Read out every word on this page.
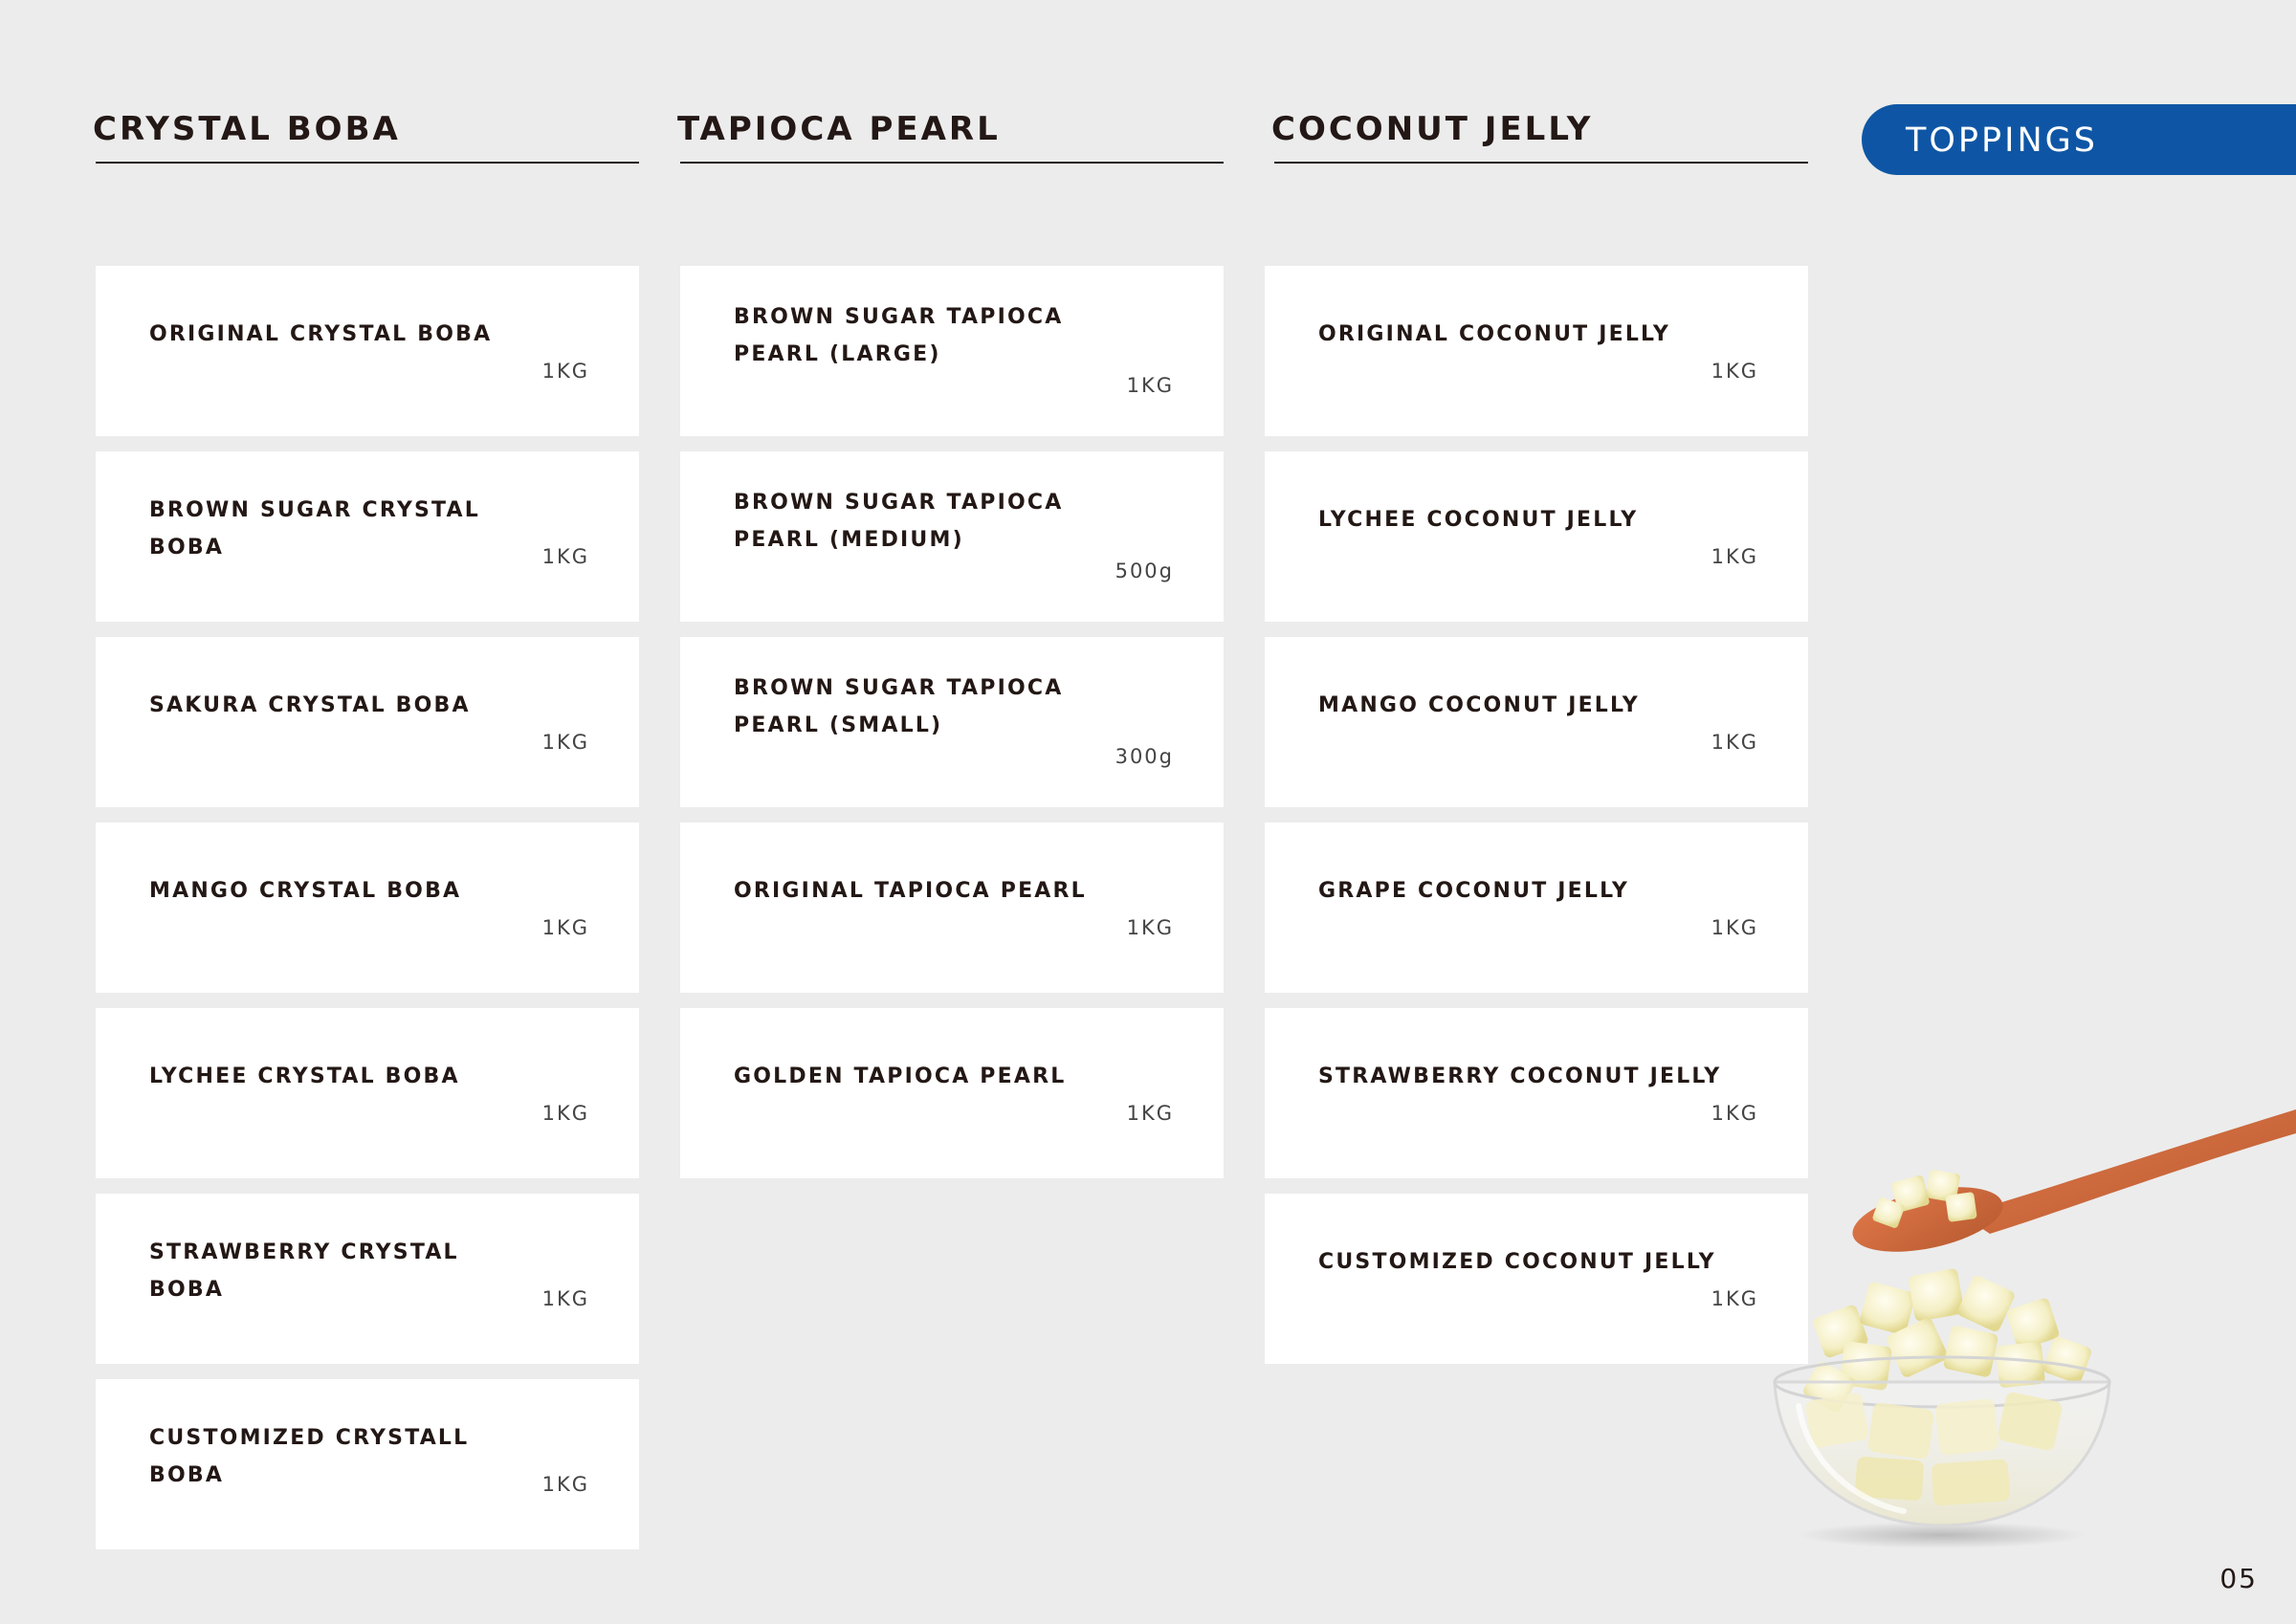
CRYSTAL BOBA
ORIGINAL CRYSTAL BOBA
1KG
BROWN SUGAR CRYSTAL BOBA	1KG
SAKURA CRYSTAL BOBA
1KG
MANGO CRYSTAL BOBA
1KG
LYCHEE CRYSTAL BOBA
1KG
STRAWBERRY CRYSTAL BOBA	1KG
CUSTOMIZED CRYSTALL BOBA	1KG
TAPIOCA PEARL
BROWN SUGAR TAPIOCA PEARL (LARGE)
1KG
BROWN SUGAR TAPIOCA PEARL (MEDIUM)
500g
BROWN SUGAR TAPIOCA PEARL (SMALL)
300g
ORIGINAL TAPIOCA PEARL
1KG
GOLDEN TAPIOCA PEARL
1KG
COCONUT JELLY
ORIGINAL COCONUT JELLY
1KG
LYCHEE COCONUT JELLY
1KG
MANGO COCONUT JELLY
1KG
GRAPE COCONUT JELLY
1KG
STRAWBERRY COCONUT JELLY
1KG
CUSTOMIZED COCONUT JELLY
1KG
TOPPINGS
05
